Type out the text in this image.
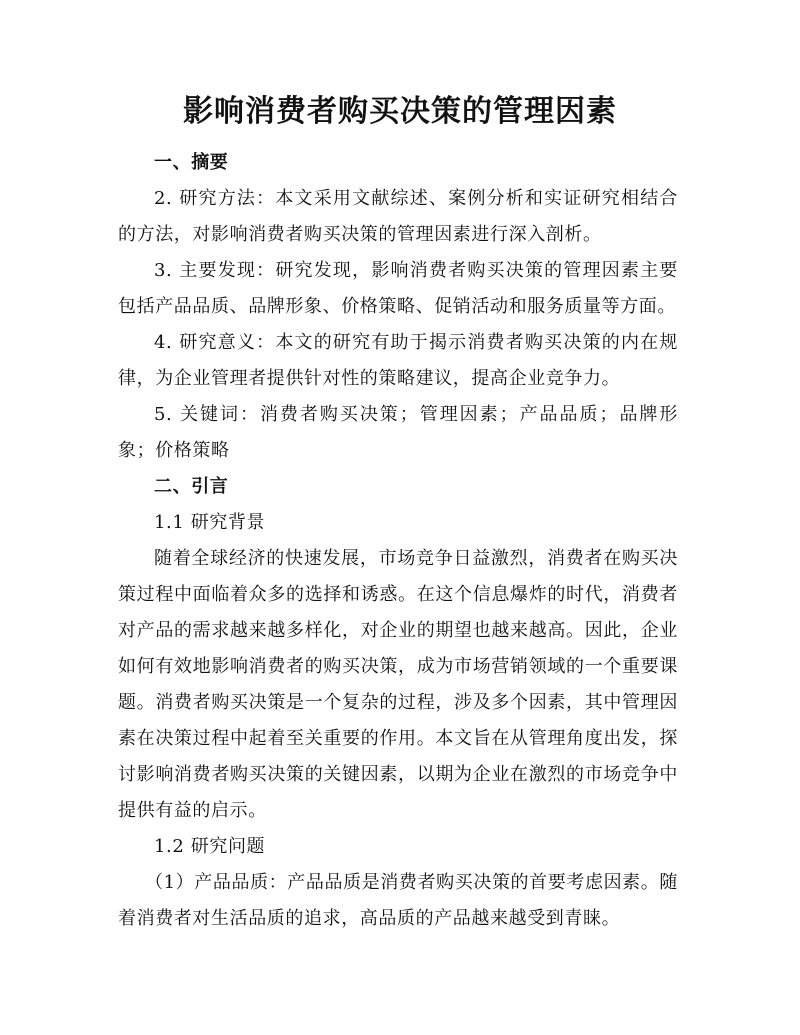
影响消费者购买决策的管理因素

一、摘要

2. 研究方法：本文采用文献综述、案例分析和实证研究相结合的方法，对影响消费者购买决策的管理因素进行深入剖析。

3. 主要发现：研究发现，影响消费者购买决策的管理因素主要包括产品品质、品牌形象、价格策略、促销活动和服务质量等方面。

4. 研究意义：本文的研究有助于揭示消费者购买决策的内在规律，为企业管理者提供针对性的策略建议，提高企业竞争力。

5. 关键词：消费者购买决策；管理因素；产品品质；品牌形象；价格策略

二、引言

1.1 研究背景

随着全球经济的快速发展，市场竞争日益激烈，消费者在购买决策过程中面临着众多的选择和诱惑。在这个信息爆炸的时代，消费者对产品的需求越来越多样化，对企业的期望也越来越高。因此，企业如何有效地影响消费者的购买决策，成为市场营销领域的一个重要课题。消费者购买决策是一个复杂的过程，涉及多个因素，其中管理因素在决策过程中起着至关重要的作用。本文旨在从管理角度出发，探讨影响消费者购买决策的关键因素，以期为企业在激烈的市场竞争中提供有益的启示。

1.2 研究问题

（1）产品品质：产品品质是消费者购买决策的首要考虑因素。随着消费者对生活品质的追求，高品质的产品越来越受到青睐。
